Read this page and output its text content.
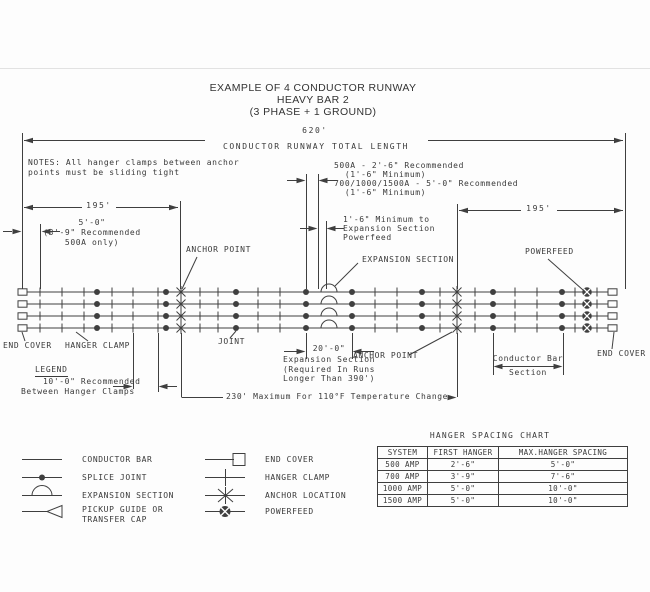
EXAMPLE OF 4 CONDUCTOR RUNWAY
HEAVY BAR 2
(3 PHASE + 1 GROUND)
620'
CONDUCTOR RUNWAY TOTAL LENGTH
NOTES: All hanger clamps between anchor
points must be sliding tight
195'	195'
5'-0"
(3'-9" Recommended
500A only)
500A - 2'-6" Recommended
(1'-6" Minimum)
700/1000/1500A - 5'-0" Recommended
(1'-6" Minimum)
1'-6" Minimum to
Expansion Section
Powerfeed
EXPANSION SECTION
ANCHOR POINT	POWERFEED
END COVER HANGER CLAMP	JOINT
ANCHOR POINT	END COVER
LEGEND
10'-0" Recommended
Between Hanger Clamps
20'-0"
Expansion Section
(Required In Runs
Longer Than 390')
230' Maximum For 110°F Temperature Change
Conductor Bar
Section
CONDUCTOR BAR
SPLICE JOINT
EXPANSION SECTION
PICKUP GUIDE OR
TRANSFER CAP
END COVER
HANGER CLAMP
ANCHOR LOCATION
POWERFEED
HANGER SPACING CHART
SYSTEM	FIRST HANGER	MAX.HANGER SPACING
500 AMP	2'-6"	5'-0"
700 AMP	3'-9"	7'-6"
1000 AMP	5'-0"	10'-0"
1500 AMP	5'-0"	10'-0"
